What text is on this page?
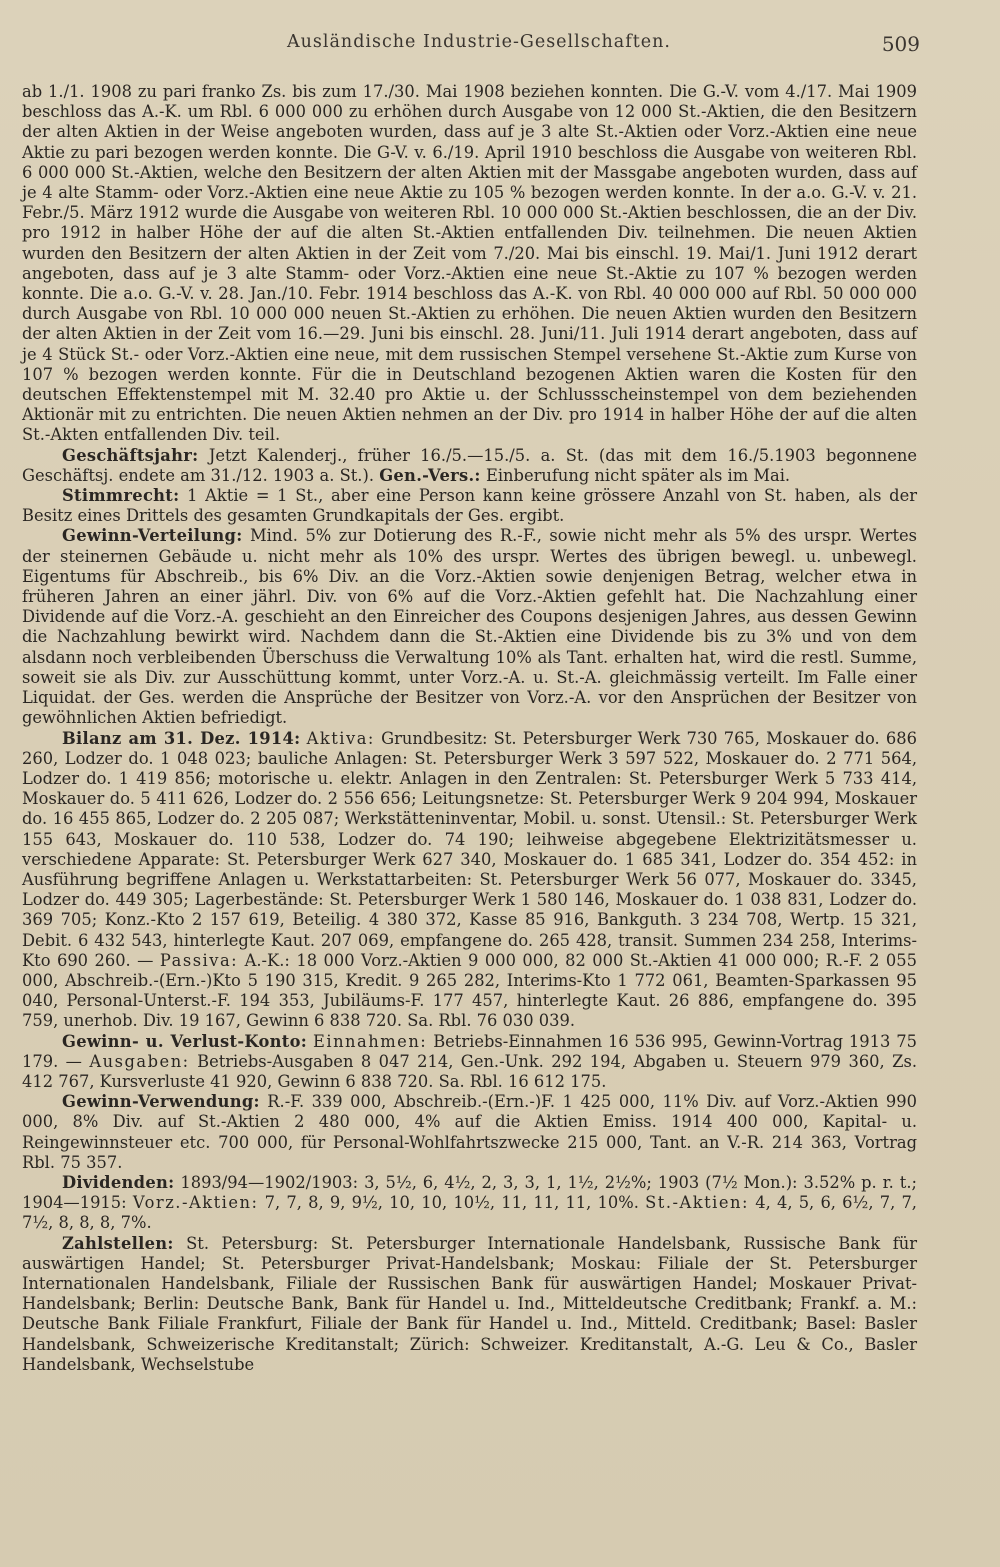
Ausländische Industrie-Gesellschaften.	509

ab 1./1. 1908 zu pari franko Zs. bis zum 17./30. Mai 1908 beziehen konnten. Die G.-V. vom 4./17. Mai 1909 beschloss das A.-K. um Rbl. 6 000 000 zu erhöhen durch Ausgabe von 12 000 St.-Aktien, die den Besitzern der alten Aktien in der Weise angeboten wurden, dass auf je 3 alte St.-Aktien oder Vorz.-Aktien eine neue Aktie zu pari bezogen werden konnte. Die G-V. v. 6./19. April 1910 beschloss die Ausgabe von weiteren Rbl. 6 000 000 St.-Aktien, welche den Besitzern der alten Aktien mit der Massgabe angeboten wurden, dass auf je 4 alte Stamm- oder Vorz.-Aktien eine neue Aktie zu 105 % bezogen werden konnte. In der a.o. G.-V. v. 21. Febr./5. März 1912 wurde die Ausgabe von weiteren Rbl. 10 000 000 St.-Aktien beschlossen, die an der Div. pro 1912 in halber Höhe der auf die alten St.-Aktien entfallenden Div. teilnehmen. Die neuen Aktien wurden den Besitzern der alten Aktien in der Zeit vom 7./20. Mai bis einschl. 19. Mai/1. Juni 1912 derart angeboten, dass auf je 3 alte Stamm- oder Vorz.-Aktien eine neue St.-Aktie zu 107 % bezogen werden konnte. Die a.o. G.-V. v. 28. Jan./10. Febr. 1914 beschloss das A.-K. von Rbl. 40 000 000 auf Rbl. 50 000 000 durch Ausgabe von Rbl. 10 000 000 neuen St.-Aktien zu erhöhen. Die neuen Aktien wurden den Besitzern der alten Aktien in der Zeit vom 16.—29. Juni bis einschl. 28. Juni/11. Juli 1914 derart angeboten, dass auf je 4 Stück St.- oder Vorz.-Aktien eine neue, mit dem russischen Stempel versehene St.-Aktie zum Kurse von 107 % bezogen werden konnte. Für die in Deutschland bezogenen Aktien waren die Kosten für den deutschen Effektenstempel mit M. 32.40 pro Aktie u. der Schlussscheinstempel von dem beziehenden Aktionär mit zu entrichten. Die neuen Aktien nehmen an der Div. pro 1914 in halber Höhe der auf die alten St.-Akten entfallenden Div. teil.

Geschäftsjahr: Jetzt Kalenderj., früher 16./5.—15./5. a. St. (das mit dem 16./5.1903 begonnene Geschäftsj. endete am 31./12. 1903 a. St.). Gen.-Vers.: Einberufung nicht später als im Mai.

Stimmrecht: 1 Aktie = 1 St., aber eine Person kann keine grössere Anzahl von St. haben, als der Besitz eines Drittels des gesamten Grundkapitals der Ges. ergibt.

Gewinn-Verteilung: Mind. 5% zur Dotierung des R.-F., sowie nicht mehr als 5% des urspr. Wertes der steinernen Gebäude u. nicht mehr als 10% des urspr. Wertes des übrigen bewegl. u. unbewegl. Eigentums für Abschreib., bis 6% Div. an die Vorz.-Aktien sowie denjenigen Betrag, welcher etwa in früheren Jahren an einer jährl. Div. von 6% auf die Vorz.-Aktien gefehlt hat. Die Nachzahlung einer Dividende auf die Vorz.-A. geschieht an den Einreicher des Coupons desjenigen Jahres, aus dessen Gewinn die Nachzahlung bewirkt wird. Nachdem dann die St.-Aktien eine Dividende bis zu 3% und von dem alsdann noch verbleibenden Überschuss die Verwaltung 10% als Tant. erhalten hat, wird die restl. Summe, soweit sie als Div. zur Ausschüttung kommt, unter Vorz.-A. u. St.-A. gleichmässig verteilt. Im Falle einer Liquidat. der Ges. werden die Ansprüche der Besitzer von Vorz.-A. vor den Ansprüchen der Besitzer von gewöhnlichen Aktien befriedigt.

Bilanz am 31. Dez. 1914: Aktiva: Grundbesitz: St. Petersburger Werk 730 765, Moskauer do. 686 260, Lodzer do. 1 048 023; bauliche Anlagen: St. Petersburger Werk 3 597 522, Moskauer do. 2 771 564, Lodzer do. 1 419 856; motorische u. elektr. Anlagen in den Zentralen: St. Petersburger Werk 5 733 414, Moskauer do. 5 411 626, Lodzer do. 2 556 656; Leitungsnetze: St. Petersburger Werk 9 204 994, Moskauer do. 16 455 865, Lodzer do. 2 205 087; Werkstätteninventar, Mobil. u. sonst. Utensil.: St. Petersburger Werk 155 643, Moskauer do. 110 538, Lodzer do. 74 190; leihweise abgegebene Elektrizitätsmesser u. verschiedene Apparate: St. Petersburger Werk 627 340, Moskauer do. 1 685 341, Lodzer do. 354 452: in Ausführung begriffene Anlagen u. Werkstattarbeiten: St. Petersburger Werk 56 077, Moskauer do. 3345, Lodzer do. 449 305; Lagerbestände: St. Petersburger Werk 1 580 146, Moskauer do. 1 038 831, Lodzer do. 369 705; Konz.-Kto 2 157 619, Beteilig. 4 380 372, Kasse 85 916, Bankguth. 3 234 708, Wertp. 15 321, Debit. 6 432 543, hinterlegte Kaut. 207 069, empfangene do. 265 428, transit. Summen 234 258, Interims-Kto 690 260. — Passiva: A.-K.: 18 000 Vorz.-Aktien 9 000 000, 82 000 St.-Aktien 41 000 000; R.-F. 2 055 000, Abschreib.-(Ern.-)Kto 5 190 315, Kredit. 9 265 282, Interims-Kto 1 772 061, Beamten-Sparkassen 95 040, Personal-Unterst.-F. 194 353, Jubiläums-F. 177 457, hinterlegte Kaut. 26 886, empfangene do. 395 759, unerhob. Div. 19 167, Gewinn 6 838 720. Sa. Rbl. 76 030 039.

Gewinn- u. Verlust-Konto: Einnahmen: Betriebs-Einnahmen 16 536 995, Gewinn-Vortrag 1913 75 179. — Ausgaben: Betriebs-Ausgaben 8 047 214, Gen.-Unk. 292 194, Abgaben u. Steuern 979 360, Zs. 412 767, Kursverluste 41 920, Gewinn 6 838 720. Sa. Rbl. 16 612 175.

Gewinn-Verwendung: R.-F. 339 000, Abschreib.-(Ern.-)F. 1 425 000, 11% Div. auf Vorz.-Aktien 990 000, 8% Div. auf St.-Aktien 2 480 000, 4% auf die Aktien Emiss. 1914 400 000, Kapital- u. Reingewinnsteuer etc. 700 000, für Personal-Wohlfahrtszwecke 215 000, Tant. an V.-R. 214 363, Vortrag Rbl. 75 357.

Dividenden: 1893/94—1902/1903: 3, 5½, 6, 4½, 2, 3, 3, 1, 1½, 2½%; 1903 (7½ Mon.): 3.52% p. r. t.; 1904—1915: Vorz.-Aktien: 7, 7, 8, 9, 9½, 10, 10, 10½, 11, 11, 11, 10%. St.-Aktien: 4, 4, 5, 6, 6½, 7, 7, 7½, 8, 8, 8, 7%.

Zahlstellen: St. Petersburg: St. Petersburger Internationale Handelsbank, Russische Bank für auswärtigen Handel; St. Petersburger Privat-Handelsbank; Moskau: Filiale der St. Petersburger Internationalen Handelsbank, Filiale der Russischen Bank für auswärtigen Handel; Moskauer Privat-Handelsbank; Berlin: Deutsche Bank, Bank für Handel u. Ind., Mitteldeutsche Creditbank; Frankf. a. M.: Deutsche Bank Filiale Frankfurt, Filiale der Bank für Handel u. Ind., Mitteld. Creditbank; Basel: Basler Handelsbank, Schweizerische Kreditanstalt; Zürich: Schweizer. Kreditanstalt, A.-G. Leu & Co., Basler Handelsbank, Wechselstube
